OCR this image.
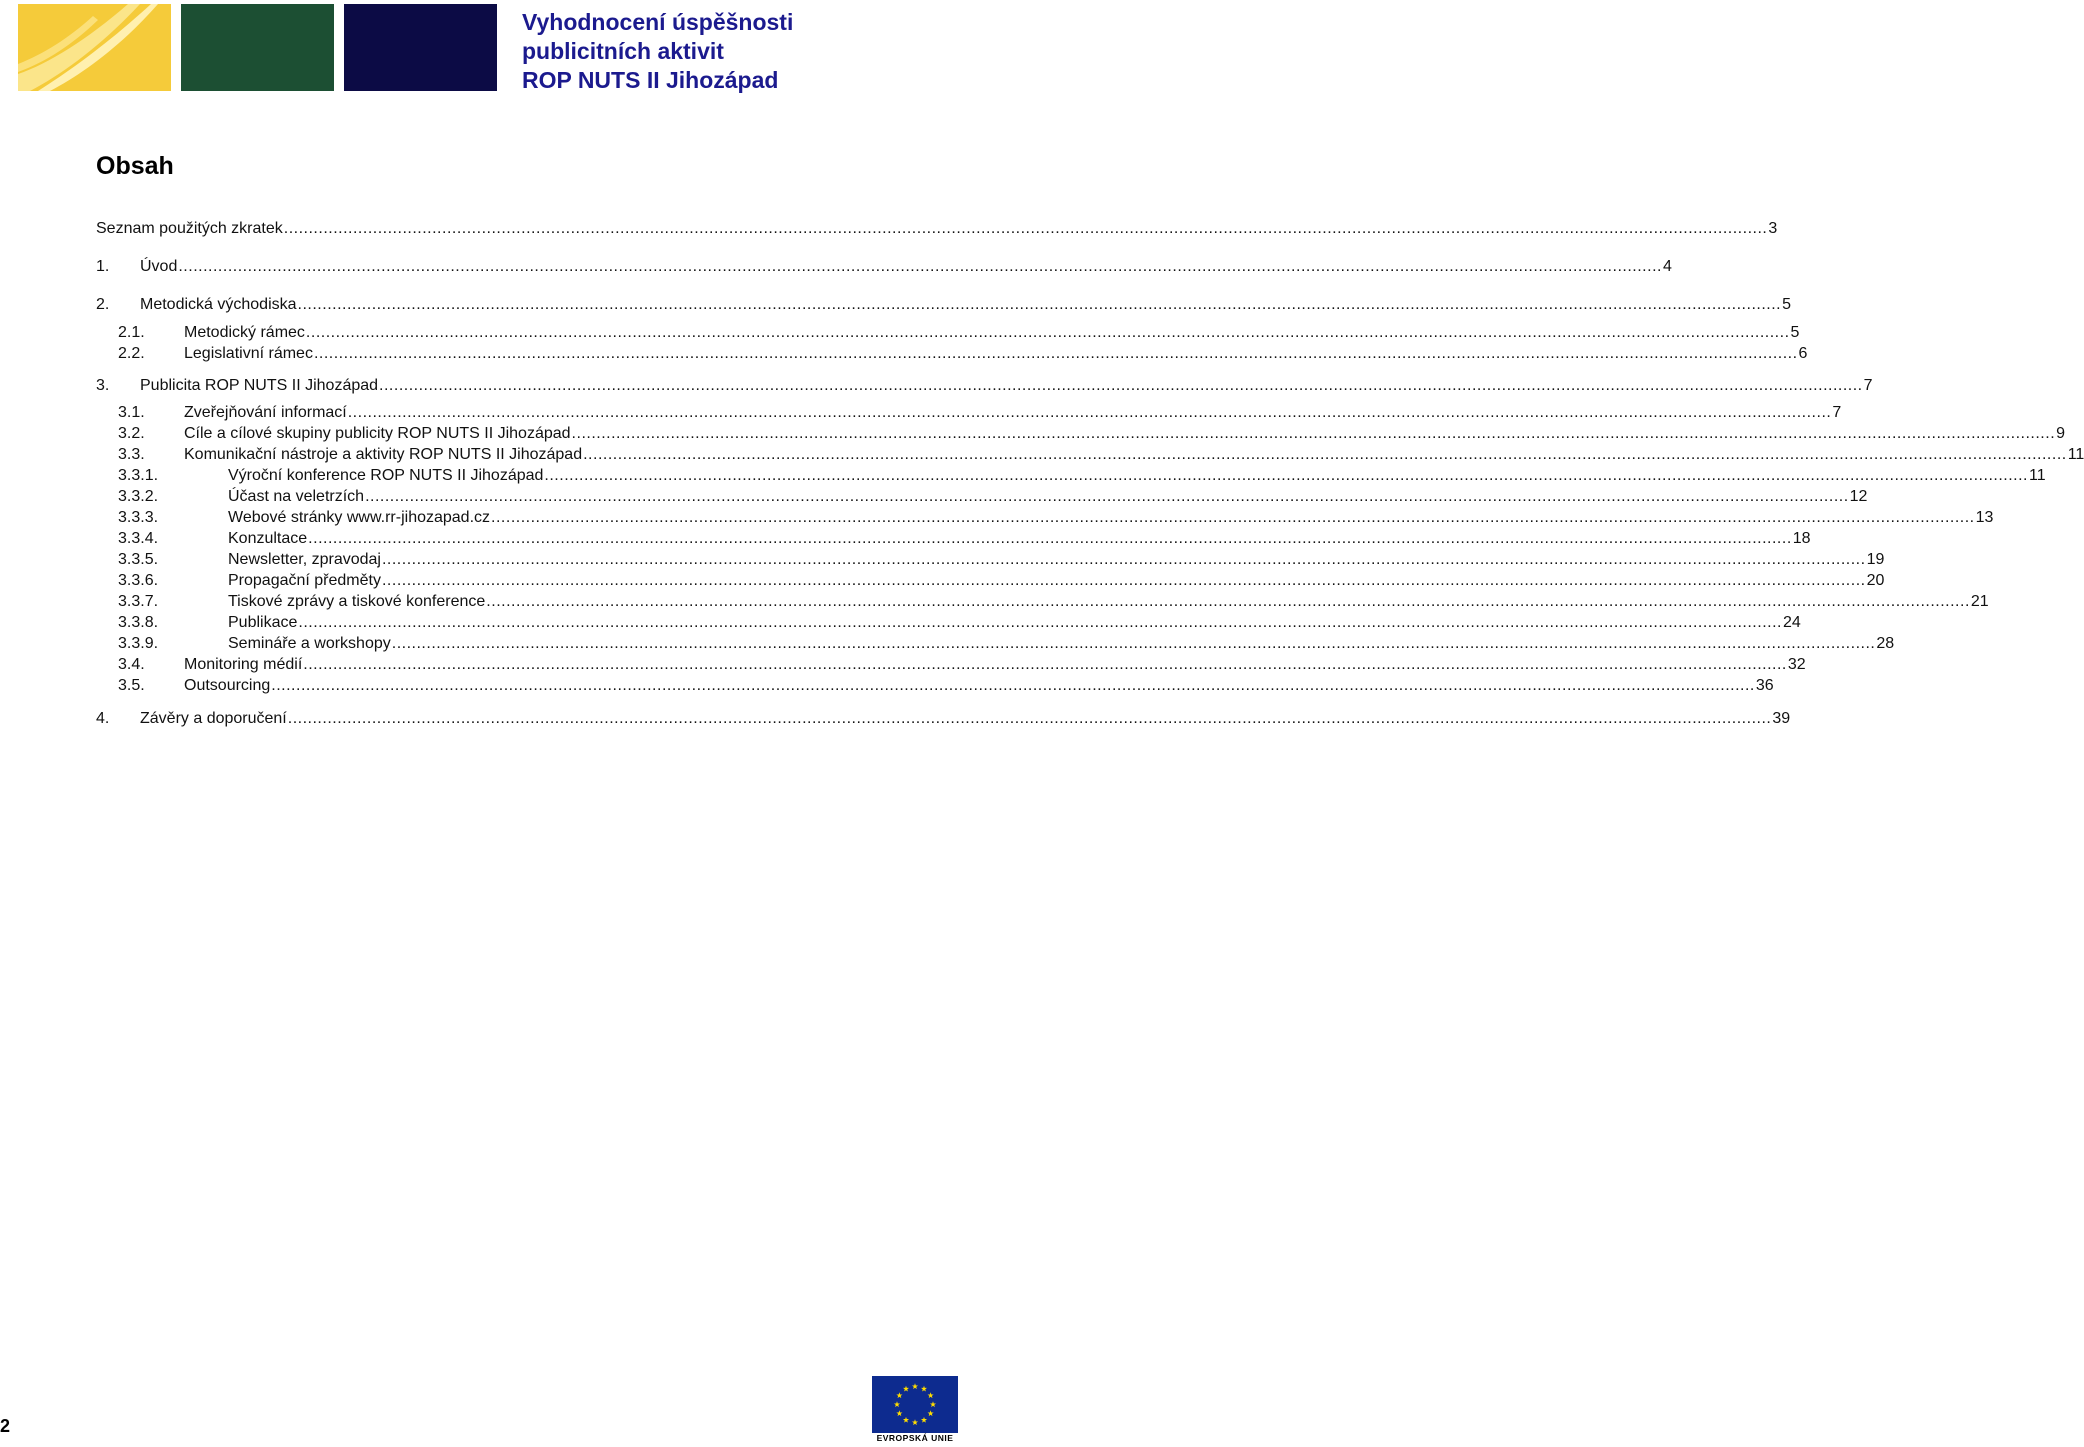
Vyhodnocení úspěšnosti
publicitních aktivit
ROP NUTS II Jihozápad
Obsah
Seznam použitých zkratek ............................................................................................................................................................................................................................................................................................................ 3
1.	Úvod ............................................................................................................................................................................................................................................................................................................ 4
2.	Metodická východiska ............................................................................................................................................................................................................................................................................................................ 5
2.1.	Metodický rámec ............................................................................................................................................................................................................................................................................................................ 5
2.2.	Legislativní rámec ............................................................................................................................................................................................................................................................................................................ 6
3.	Publicita ROP NUTS II Jihozápad ............................................................................................................................................................................................................................................................................................................ 7
3.1.	Zveřejňování informací ............................................................................................................................................................................................................................................................................................................ 7
3.2.	Cíle a cílové skupiny publicity ROP NUTS II Jihozápad ............................................................................................................................................................................................................................................................................................................ 9
3.3.	Komunikační nástroje a aktivity ROP NUTS II Jihozápad ............................................................................................................................................................................................................................................................................................................ 11
3.3.1.	Výroční konference ROP NUTS II Jihozápad ............................................................................................................................................................................................................................................................................................................ 11
3.3.2.	Účast na veletrzích ............................................................................................................................................................................................................................................................................................................ 12
3.3.3.	Webové stránky www.rr-jihozapad.cz ............................................................................................................................................................................................................................................................................................................ 13
3.3.4.	Konzultace ............................................................................................................................................................................................................................................................................................................ 18
3.3.5.	Newsletter, zpravodaj ............................................................................................................................................................................................................................................................................................................ 19
3.3.6.	Propagační předměty ............................................................................................................................................................................................................................................................................................................ 20
3.3.7.	Tiskové zprávy a tiskové konference ............................................................................................................................................................................................................................................................................................................ 21
3.3.8.	Publikace ............................................................................................................................................................................................................................................................................................................ 24
3.3.9.	Semináře a workshopy ............................................................................................................................................................................................................................................................................................................ 28
3.4.	Monitoring médií ............................................................................................................................................................................................................................................................................................................ 32
3.5.	Outsourcing ............................................................................................................................................................................................................................................................................................................ 36
4.	Závěry a doporučení ............................................................................................................................................................................................................................................................................................................ 39
2
EVROPSKÁ UNIE
